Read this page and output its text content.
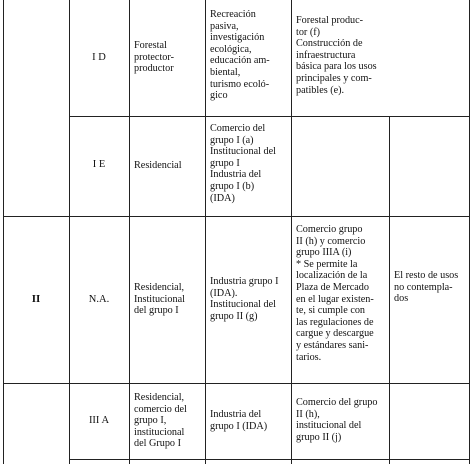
I D
Forestal
protector-
productor
Recreación
pasiva,
investigación
ecológica,
educación am-
biental,
turismo ecoló-
gico
Forestal produc-
tor (f)
Construcción de
infraestructura
básica para los usos
principales y com-
patibles (e).
I E	Residencial
Comercio del
grupo I (a)
Institucional del
grupo I
Industria del
grupo I (b)
(IDA)
II	N.A.
Residencial,
Institucional
del grupo I
Industria grupo I
(IDA).
Institucional del
grupo II (g)
Comercio grupo
II (h) y comercio
grupo IIIA (i)
* Se permite la
localización de la
Plaza de Mercado
en el lugar existen-
te, si cumple con
las regulaciones de
cargue y descargue
y estándares sani-
tarios.
El resto de usos
no contempla-
dos
III A
Residencial,
comercio del
grupo I,
institucional
del Grupo I
Industria del
grupo I (IDA)
Comercio del grupo
II (h),
institucional del
grupo II (j)
